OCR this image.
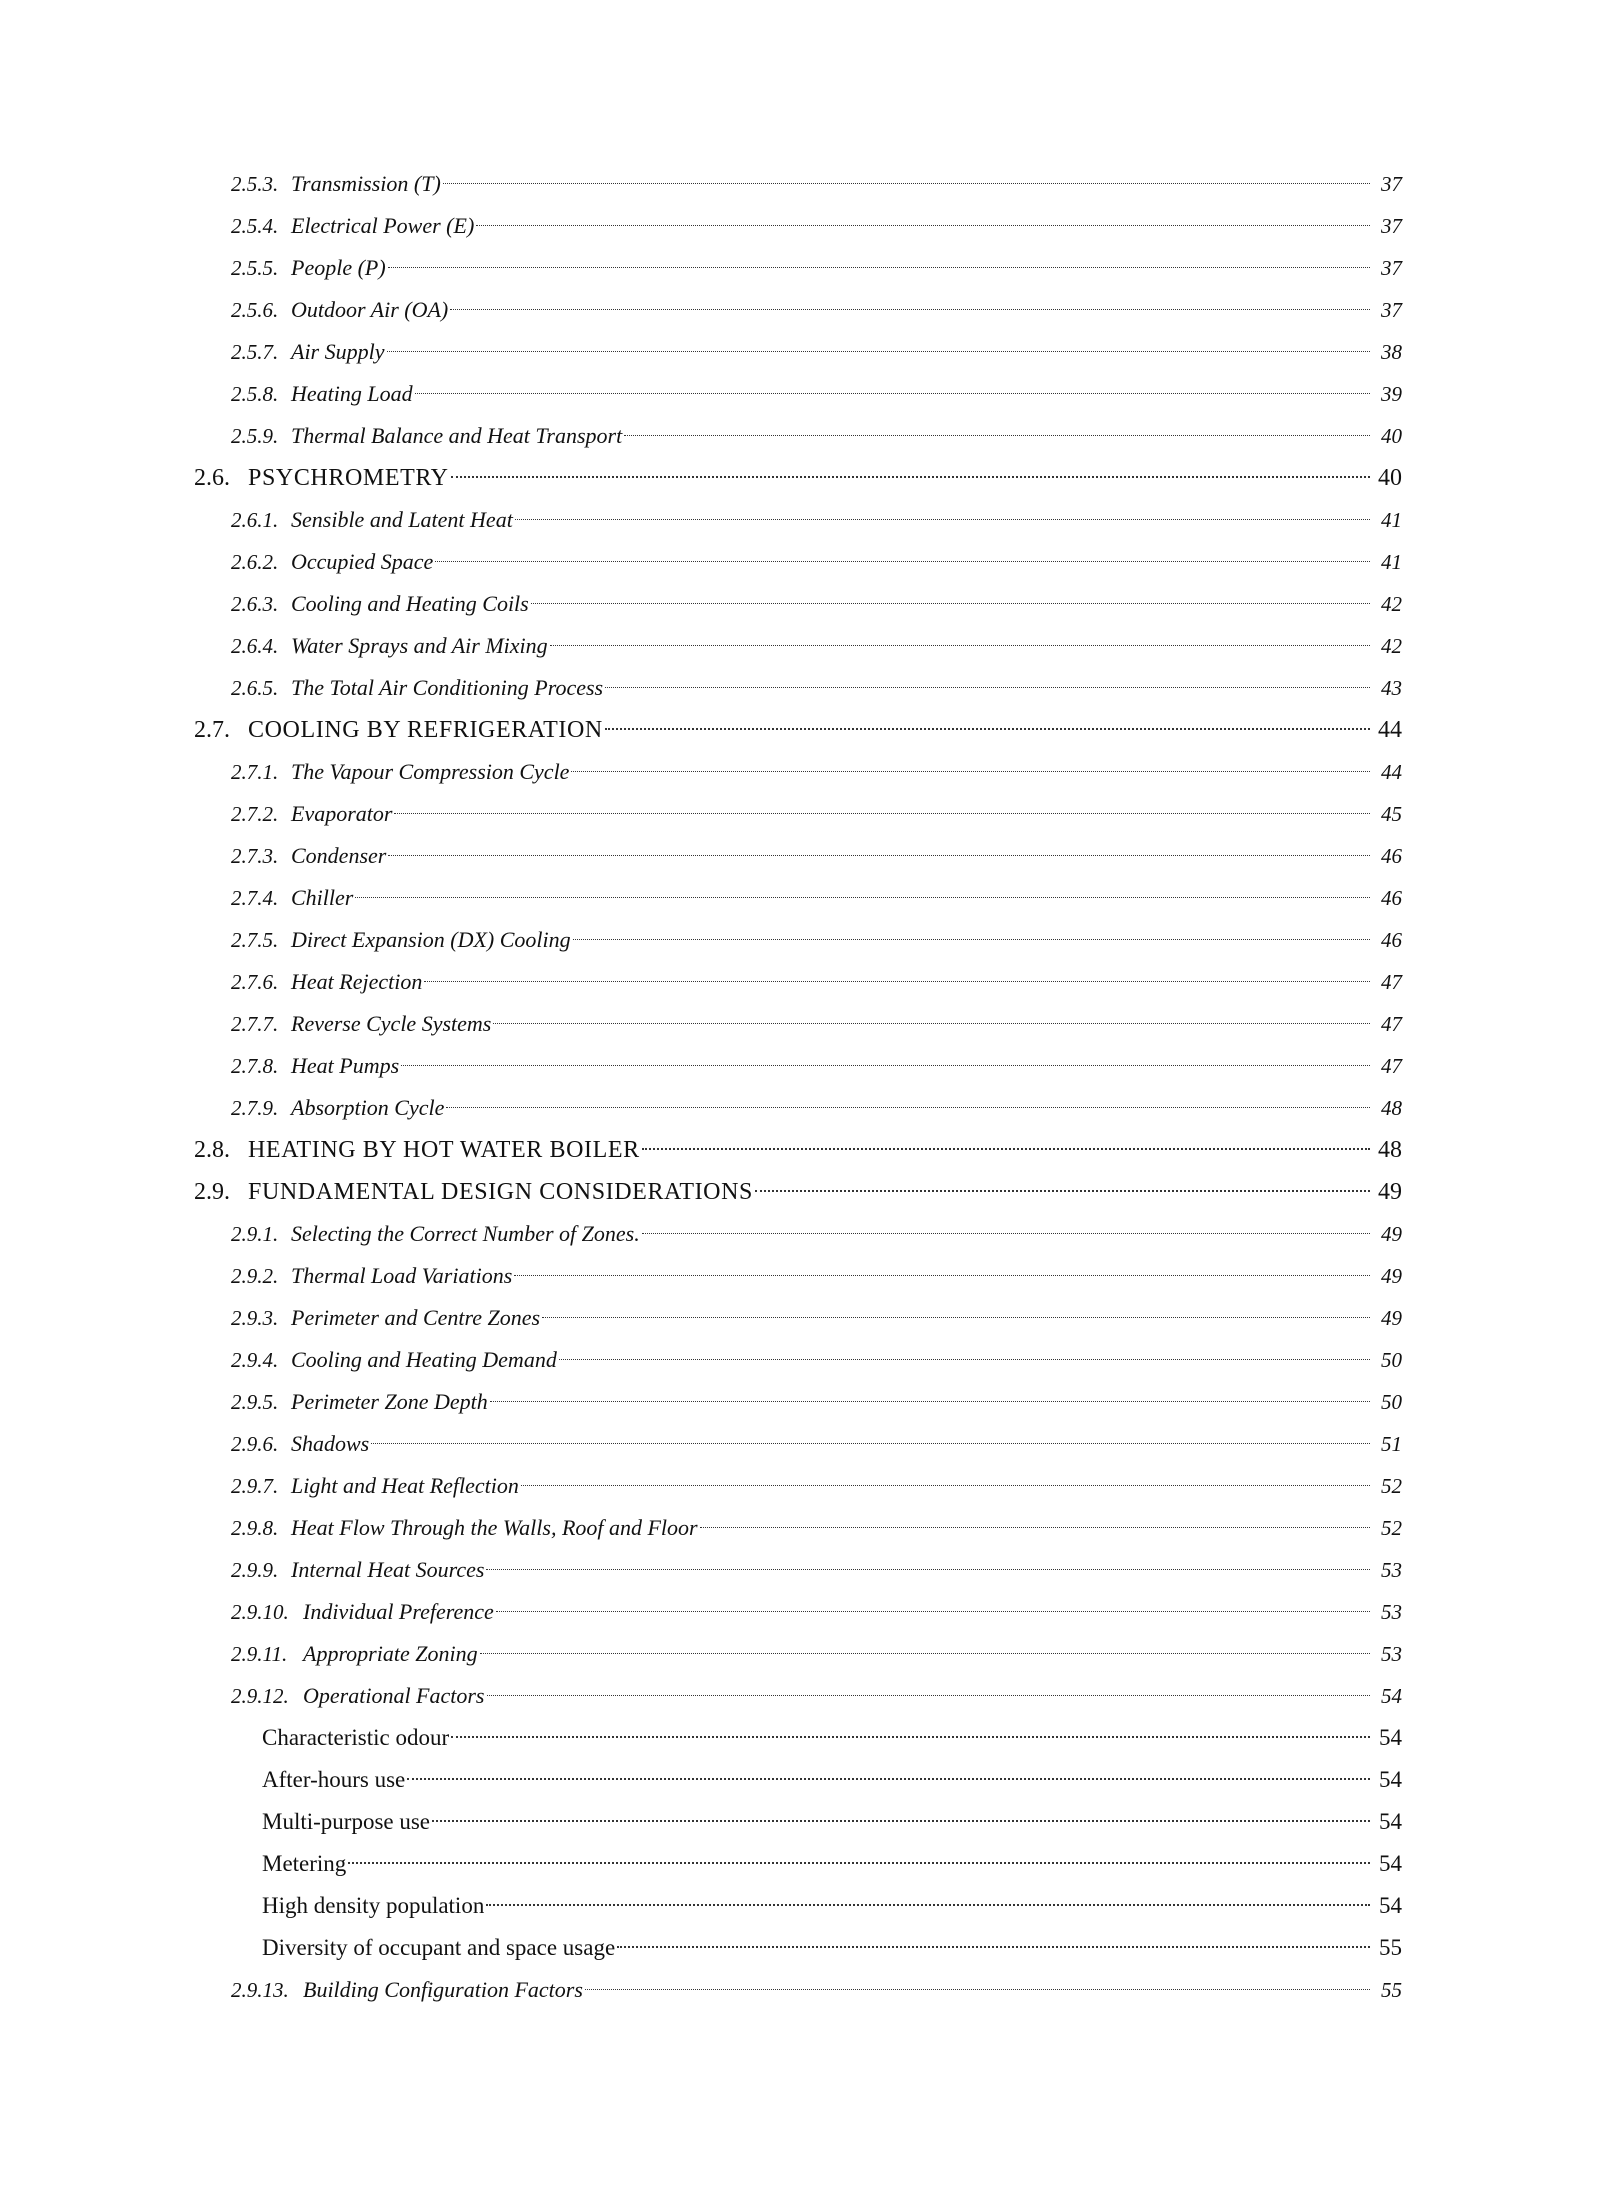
2.5.3. Transmission (T)	37
2.5.4. Electrical Power (E)	37
2.5.5. People (P)	37
2.5.6. Outdoor Air (OA)	37
2.5.7. Air Supply	38
2.5.8. Heating Load	39
2.5.9. Thermal Balance and Heat Transport	40
2.6. PSYCHROMETRY	40
2.6.1. Sensible and Latent Heat	41
2.6.2. Occupied Space	41
2.6.3. Cooling and Heating Coils	42
2.6.4. Water Sprays and Air Mixing	42
2.6.5. The Total Air Conditioning Process	43
2.7. COOLING BY REFRIGERATION	44
2.7.1. The Vapour Compression Cycle	44
2.7.2. Evaporator	45
2.7.3. Condenser	46
2.7.4. Chiller	46
2.7.5. Direct Expansion (DX) Cooling	46
2.7.6. Heat Rejection	47
2.7.7. Reverse Cycle Systems	47
2.7.8. Heat Pumps	47
2.7.9. Absorption Cycle	48
2.8. HEATING BY HOT WATER BOILER	48
2.9. FUNDAMENTAL DESIGN CONSIDERATIONS	49
2.9.1. Selecting the Correct Number of Zones.	49
2.9.2. Thermal Load Variations	49
2.9.3. Perimeter and Centre Zones	49
2.9.4. Cooling and Heating Demand	50
2.9.5. Perimeter Zone Depth	50
2.9.6. Shadows	51
2.9.7. Light and Heat Reflection	52
2.9.8. Heat Flow Through the Walls, Roof and Floor	52
2.9.9. Internal Heat Sources	53
2.9.10. Individual Preference	53
2.9.11. Appropriate Zoning	53
2.9.12. Operational Factors	54
Characteristic odour	54
After-hours use	54
Multi-purpose use	54
Metering	54
High density population	54
Diversity of occupant and space usage	55
2.9.13. Building Configuration Factors	55
